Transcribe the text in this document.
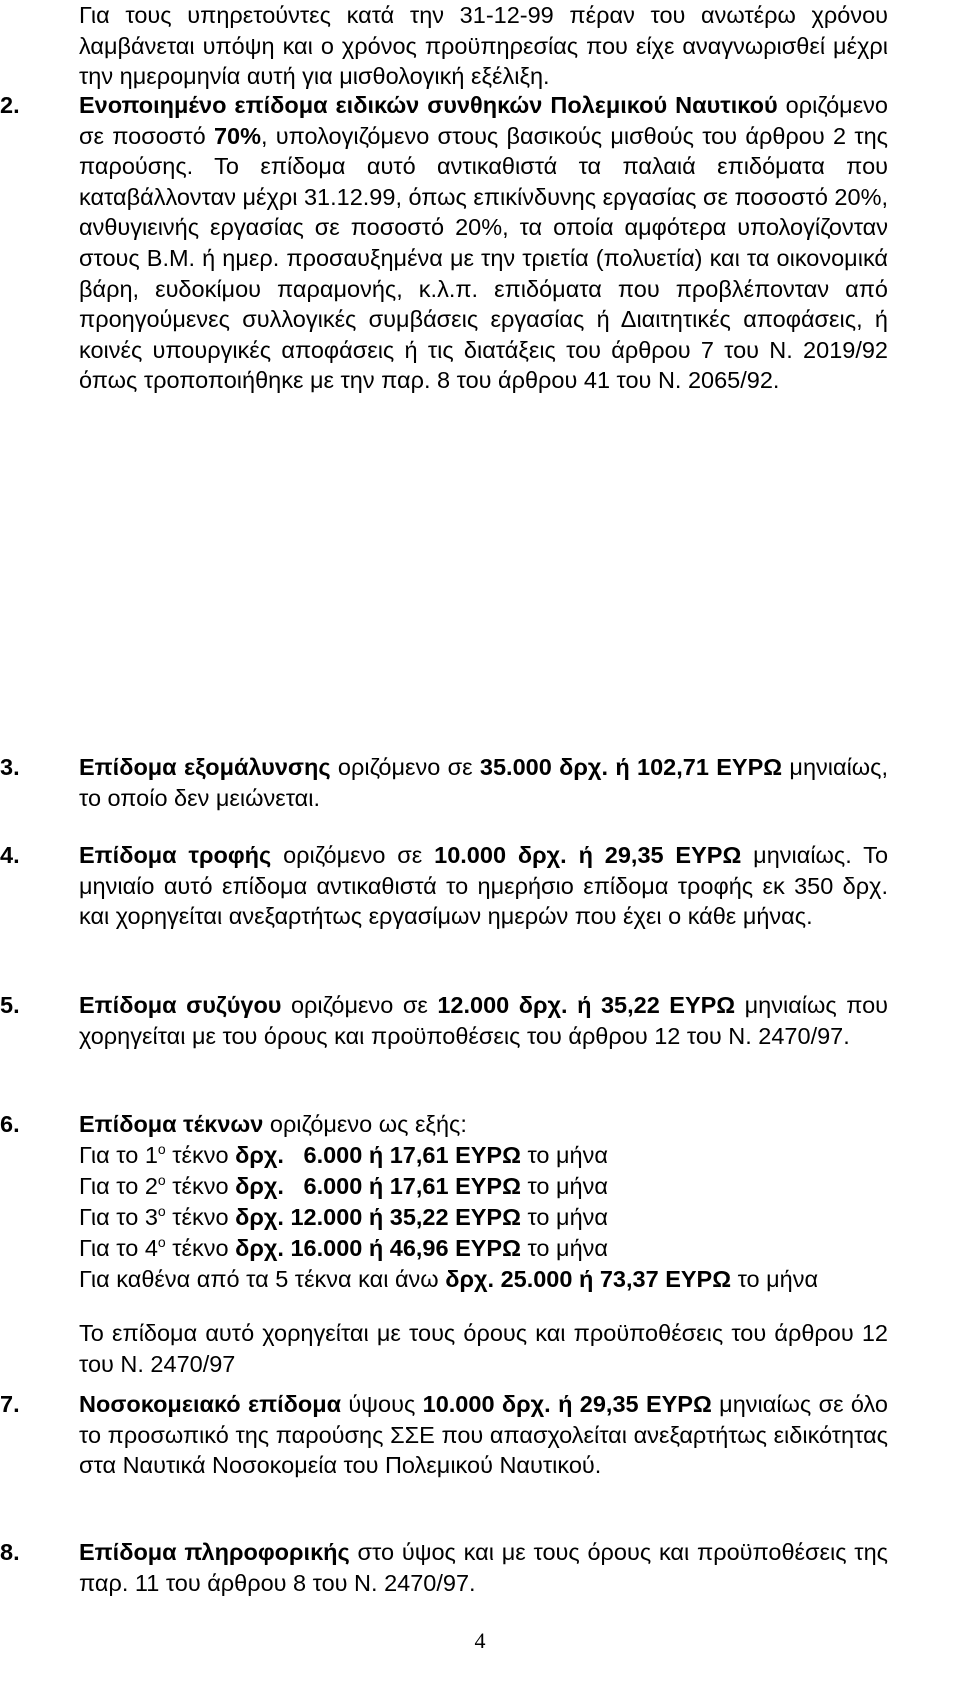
Για τους υπηρετούντες κατά την 31-12-99 πέραν του ανωτέρω χρόνου λαμβάνεται υπόψη και ο χρόνος προϋπηρεσίας που είχε αναγνωρισθεί μέχρι την ημερομηνία αυτή για μισθολογική εξέλιξη.
2.	Ενοποιημένο επίδομα ειδικών συνθηκών Πολεμικού Ναυτικού οριζόμενο σε ποσοστό 70%, υπολογιζόμενο στους βασικούς μισθούς του άρθρου 2 της παρούσης. Το επίδομα αυτό αντικαθιστά τα παλαιά επιδόματα που καταβάλλονταν μέχρι 31.12.99, όπως επικίνδυνης εργασίας σε ποσοστό 20%, ανθυγιεινής εργασίας σε ποσοστό 20%, τα οποία αμφότερα υπολογίζονταν στους Β.Μ. ή ημερ. προσαυξημένα με την τριετία (πολυετία) και τα οικονομικά βάρη, ευδοκίμου παραμονής, κ.λ.π. επιδόματα που προβλέπονταν από προηγούμενες συλλογικές συμβάσεις εργασίας ή Διαιτητικές αποφάσεις, ή κοινές υπουργικές αποφάσεις ή τις διατάξεις του άρθρου 7 του Ν. 2019/92 όπως τροποποιήθηκε με την παρ. 8 του άρθρου 41 του Ν. 2065/92.
3.	Επίδομα εξομάλυνσης οριζόμενο σε 35.000 δρχ. ή 102,71 ΕΥΡΩ μηνιαίως, το οποίο δεν μειώνεται.
4.	Επίδομα τροφής οριζόμενο σε 10.000 δρχ. ή 29,35 ΕΥΡΩ μηνιαίως. Το μηνιαίο αυτό επίδομα αντικαθιστά το ημερήσιο επίδομα τροφής εκ 350 δρχ. και χορηγείται ανεξαρτήτως εργασίμων ημερών που έχει ο κάθε μήνας.
5.	Επίδομα συζύγου οριζόμενο σε 12.000 δρχ. ή 35,22 ΕΥΡΩ μηνιαίως που χορηγείται με του όρους και προϋποθέσεις του άρθρου 12 του Ν. 2470/97.
6.	Επίδομα τέκνων οριζόμενο ως εξής:
Για το $1^o$ τέκνο δρχ.   6.000 ή 17,61 ΕΥΡΩ το μήνα
Για το $2^o$ τέκνο δρχ.   6.000 ή 17,61 ΕΥΡΩ το μήνα
Για το $3^o$ τέκνο δρχ. 12.000 ή 35,22 ΕΥΡΩ το μήνα
Για το $4^o$ τέκνο δρχ. 16.000 ή 46,96 ΕΥΡΩ το μήνα
Για καθένα από τα 5 τέκνα και άνω δρχ. 25.000 ή 73,37 ΕΥΡΩ το μήνα
Το επίδομα αυτό χορηγείται με τους όρους και προϋποθέσεις του άρθρου 12 του Ν. 2470/97
7.	Νοσοκομειακό επίδομα ύψους 10.000 δρχ. ή 29,35 ΕΥΡΩ μηνιαίως σε όλο το προσωπικό της παρούσης ΣΣΕ που απασχολείται ανεξαρτήτως ειδικότητας στα Ναυτικά Νοσοκομεία του Πολεμικού Ναυτικού.
8.	Επίδομα πληροφορικής στο ύψος και με τους όρους και προϋποθέσεις της παρ. 11 του άρθρου 8 του Ν. 2470/97.
4
